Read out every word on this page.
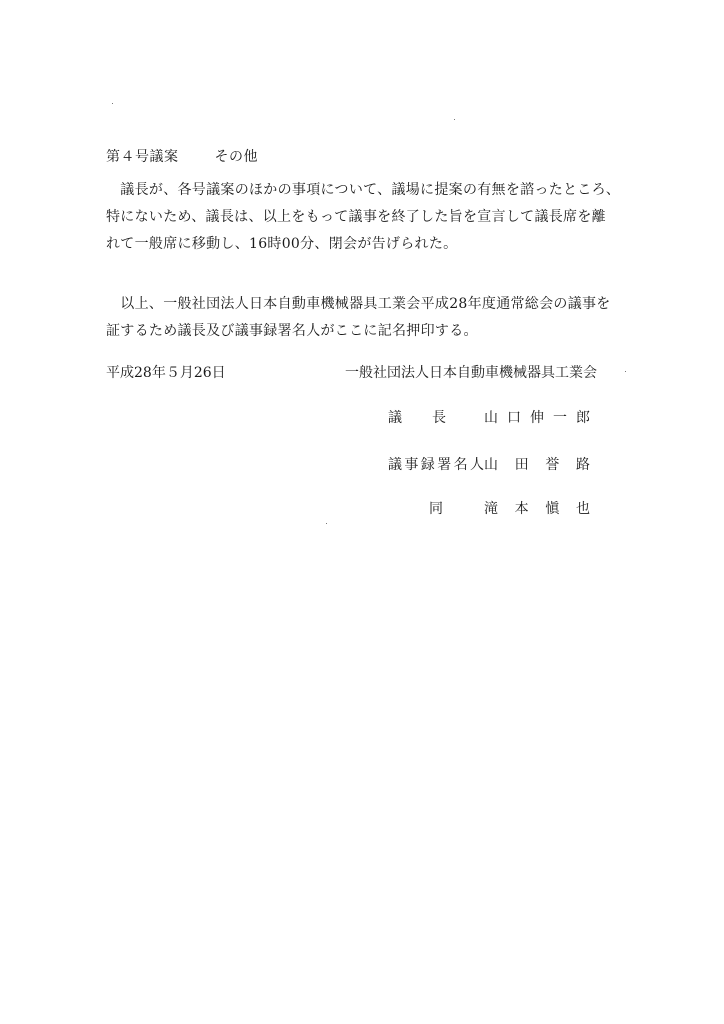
第４号議案	その他
　議長が、各号議案のほかの事項について、議場に提案の有無を諮ったところ、
特にないため、議長は、以上をもって議事を終了した旨を宣言して議長席を離
れて一般席に移動し、16時00分、閉会が告げられた。
　以上、一般社団法人日本自動車機械器具工業会平成28年度通常総会の議事を
証するため議長及び議事録署名人がここに記名押印する。
平成28年５月26日	一般社団法人日本自動車機械器具工業会
議長	山口伸一郎
議事録署名人山田誉路
同	滝本愼也
